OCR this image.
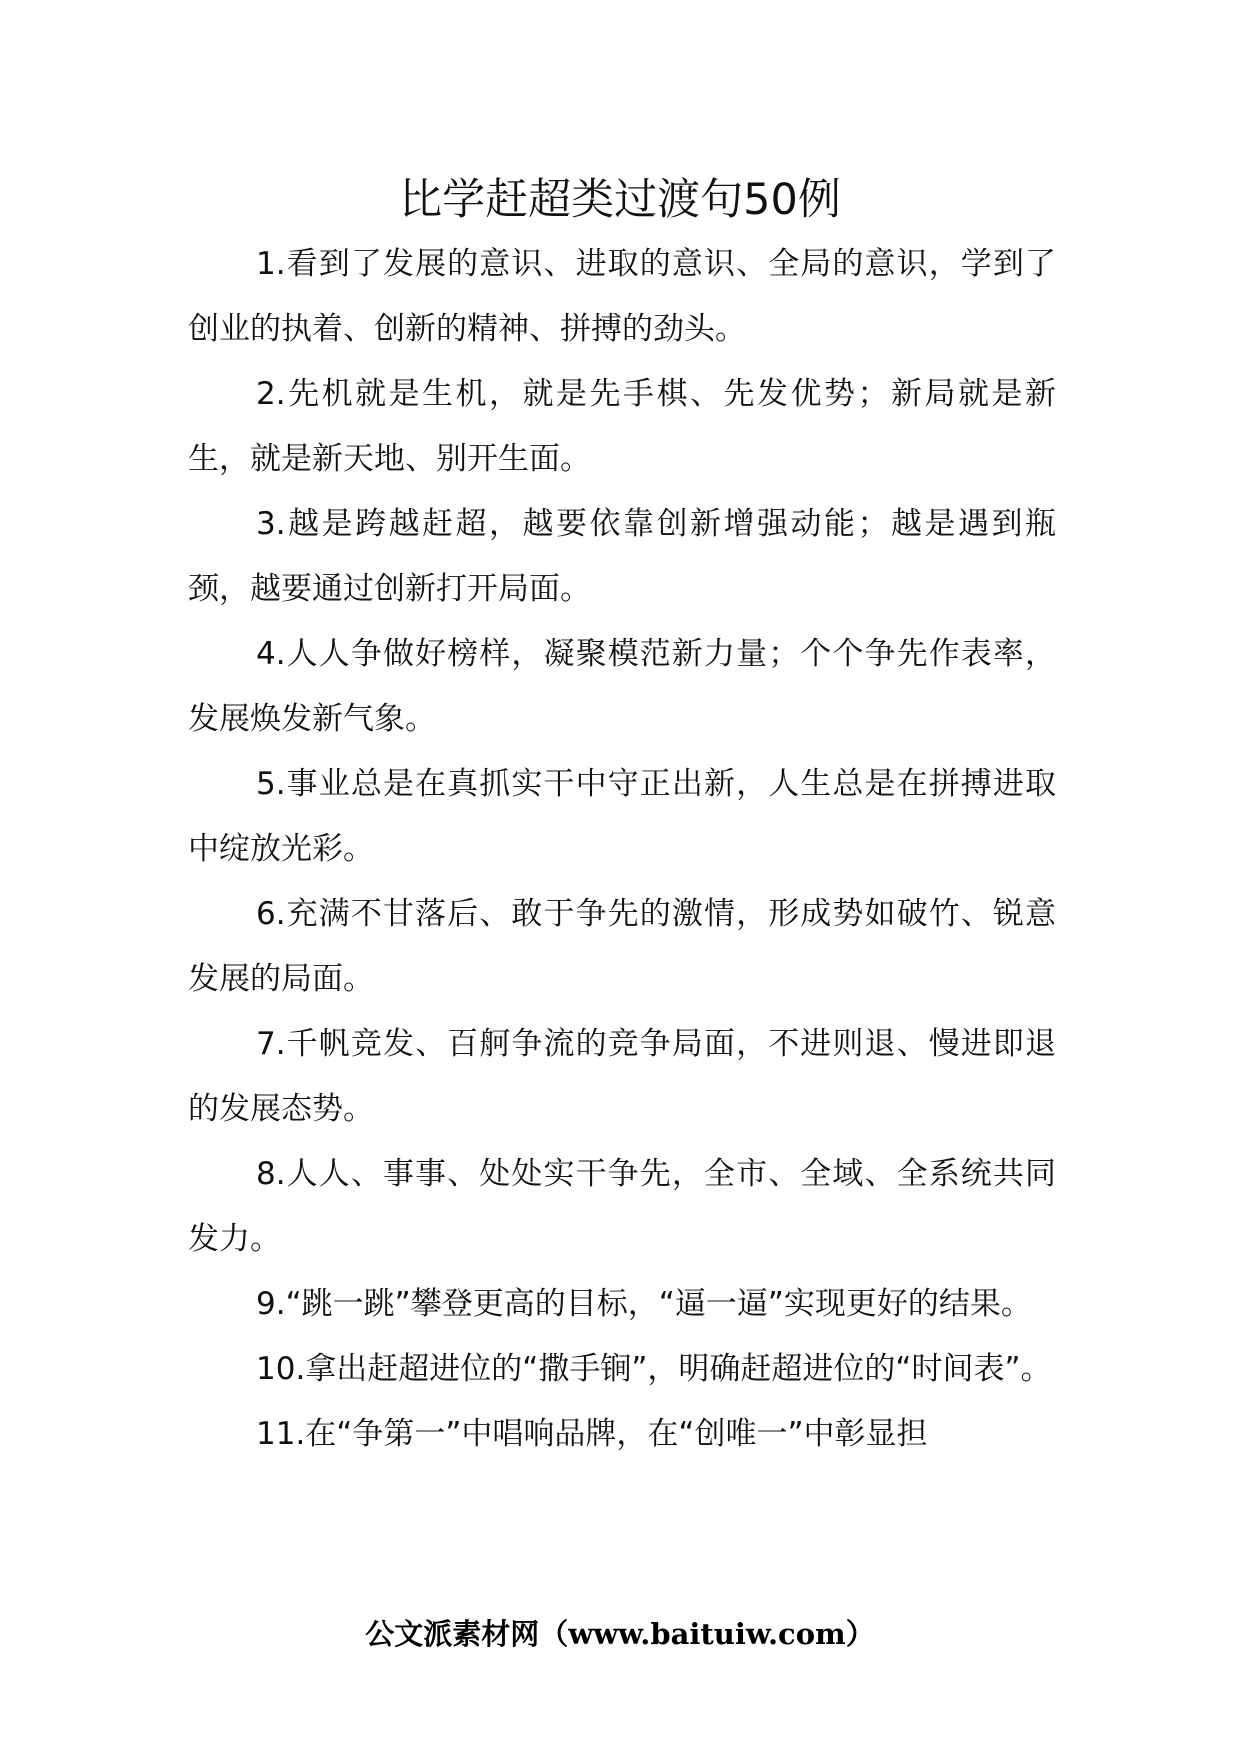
比学赶超类过渡句50例

1.看到了发展的意识、进取的意识、全局的意识，学到了创业的执着、创新的精神、拼搏的劲头。

2.先机就是生机，就是先手棋、先发优势；新局就是新生，就是新天地、别开生面。

3.越是跨越赶超，越要依靠创新增强动能；越是遇到瓶颈，越要通过创新打开局面。

4.人人争做好榜样，凝聚模范新力量；个个争先作表率，发展焕发新气象。

5.事业总是在真抓实干中守正出新，人生总是在拼搏进取中绽放光彩。

6.充满不甘落后、敢于争先的激情，形成势如破竹、锐意发展的局面。

7.千帆竞发、百舸争流的竞争局面，不进则退、慢进即退的发展态势。

8.人人、事事、处处实干争先，全市、全域、全系统共同发力。

9.“跳一跳”攀登更高的目标，“逼一逼”实现更好的结果。

10.拿出赶超进位的“撒手锏”，明确赶超进位的“时间表”。

11.在“争第一”中唱响品牌，在“创唯一”中彰显担

公文派素材网（www.baituiw.com）
